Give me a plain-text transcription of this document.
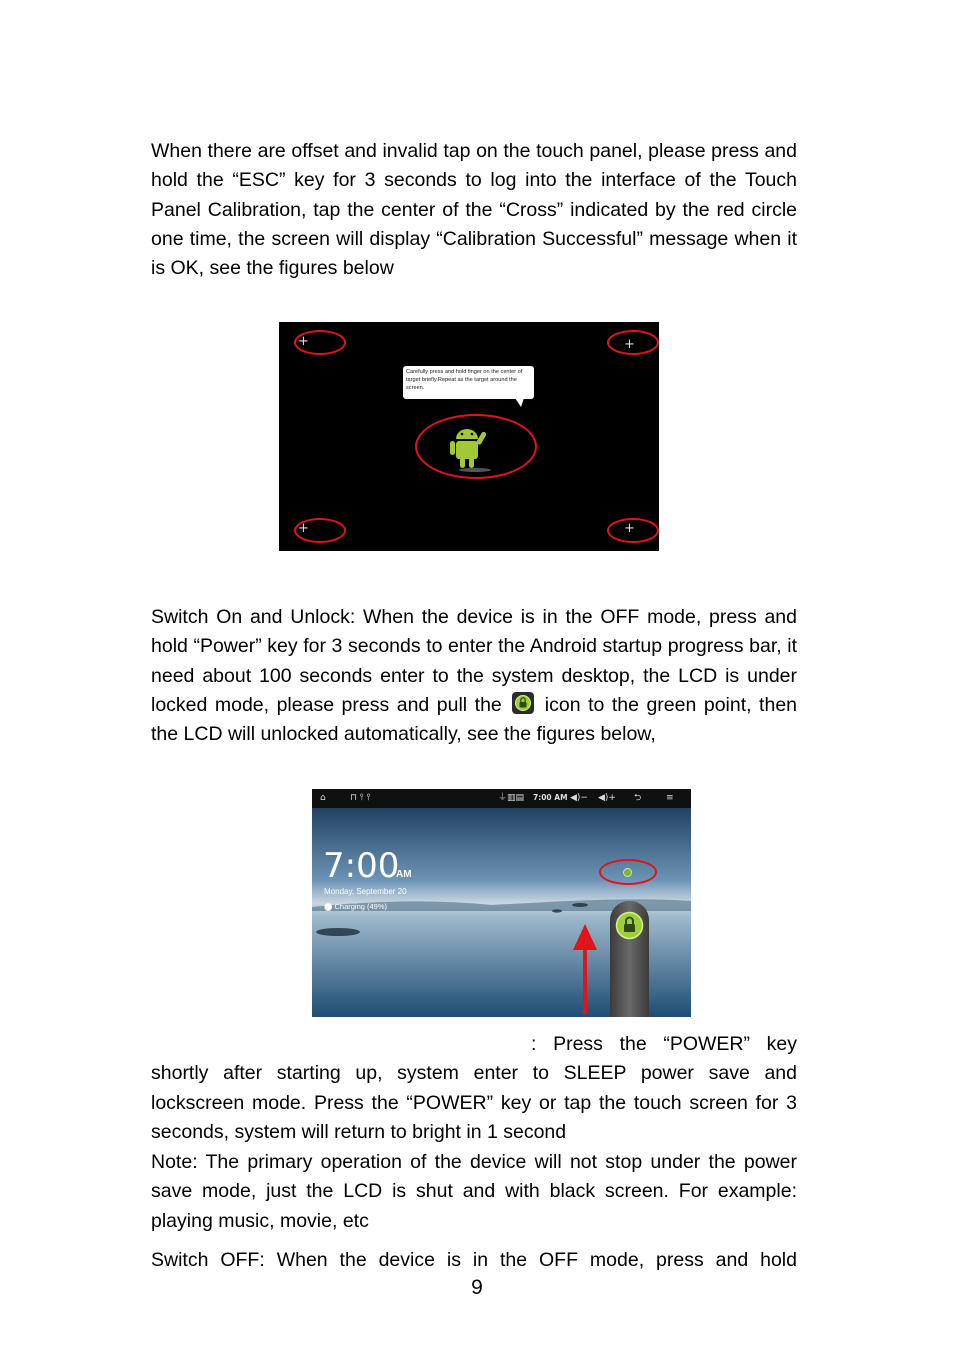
When there are offset and invalid tap on the touch panel, please press and hold the “ESC” key for 3 seconds to log into the interface of the Touch Panel Calibration, tap the center of the “Cross” indicated by the red circle one time, the screen will display “Calibration Successful” message when it is OK, see the figures below
+	+
+	+
Carefully press and hold finger on the center of target briefly.Repeat as the target around the screen.
Switch On and Unlock: When the device is in the OFF mode, press and hold “Power” key for 3 seconds to enter the Android startup progress bar, it need about 100 seconds enter to the system desktop, the LCD is under locked mode, please press and pull the icon to the green point, then the LCD will unlocked automatically, see the figures below,
⌂	⊓ ⫯ ⫯	⏚▥▤ 7:00 AM ◀)− ◀)+ ⮌	≡
7:00
AM
Monday, September 20
⬤ Charging (49%)
: Press the “POWER” key shortly after starting up, system enter to SLEEP power save and lockscreen mode. Press the “POWER” key or tap the touch screen for 3 seconds, system will return to bright in 1 second
Note: The primary operation of the device will not stop under the power save mode, just the LCD is shut and with black screen. For example: playing music, movie, etc
Switch OFF: When the device is in the OFF mode, press and hold
9
